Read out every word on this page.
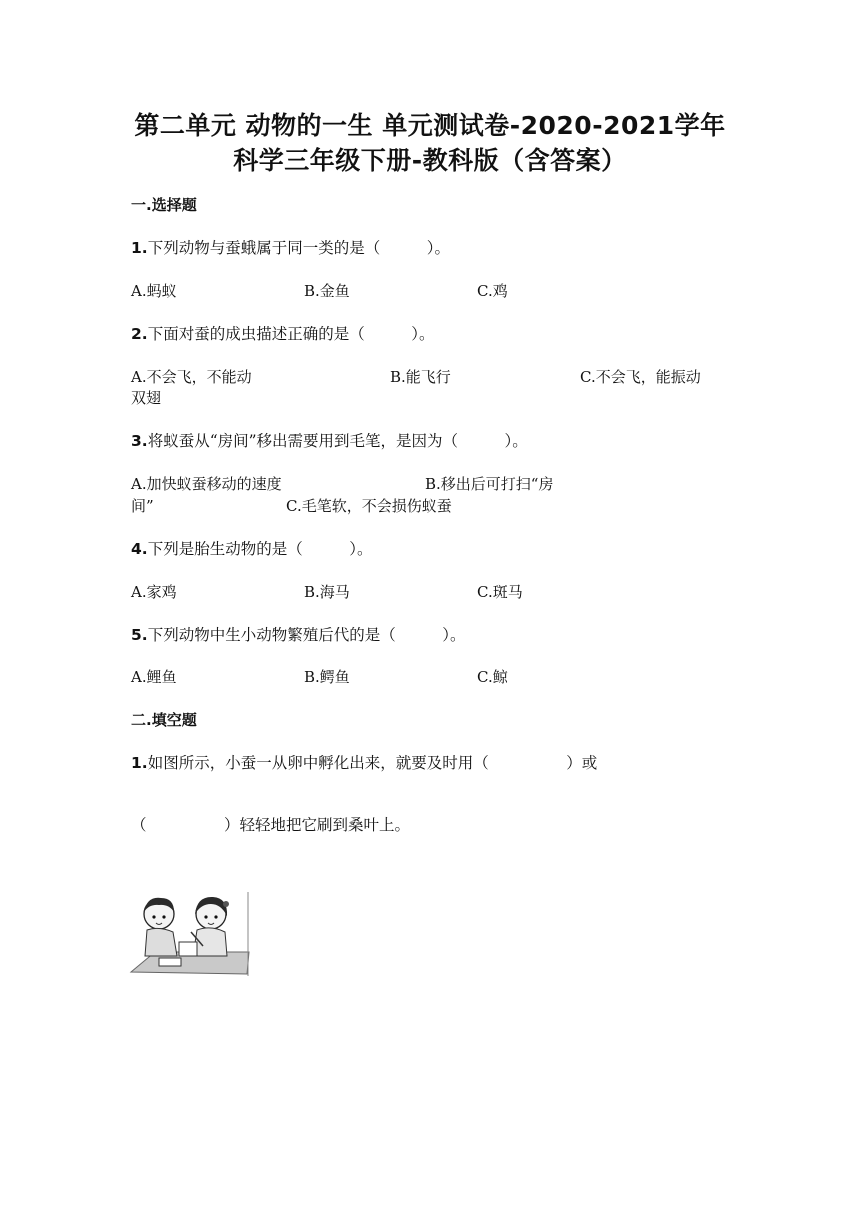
第二单元 动物的一生 单元测试卷-2020-2021学年
科学三年级下册-教科版（含答案）
一.选择题
1.下列动物与蚕蛾属于同一类的是（　　　）。
A.蚂蚁	B.金鱼	C.鸡
2.下面对蚕的成虫描述正确的是（　　　）。
A.不会飞，不能动	B.能飞行	C.不会飞，能振动
双翅
3.将蚁蚕从“房间”移出需要用到毛笔，是因为（　　　）。
A.加快蚁蚕移动的速度	B.移出后可打扫“房
间”	C.毛笔软，不会损伤蚁蚕
4.下列是胎生动物的是（　　　）。
A.家鸡	B.海马	C.斑马
5.下列动物中生小动物繁殖后代的是（　　　）。
A.鲤鱼	B.鳄鱼	C.鲸
二.填空题
1.如图所示，小蚕一从卵中孵化出来，就要及时用（　　　　　）或
（　　　　　）轻轻地把它刷到桑叶上。
